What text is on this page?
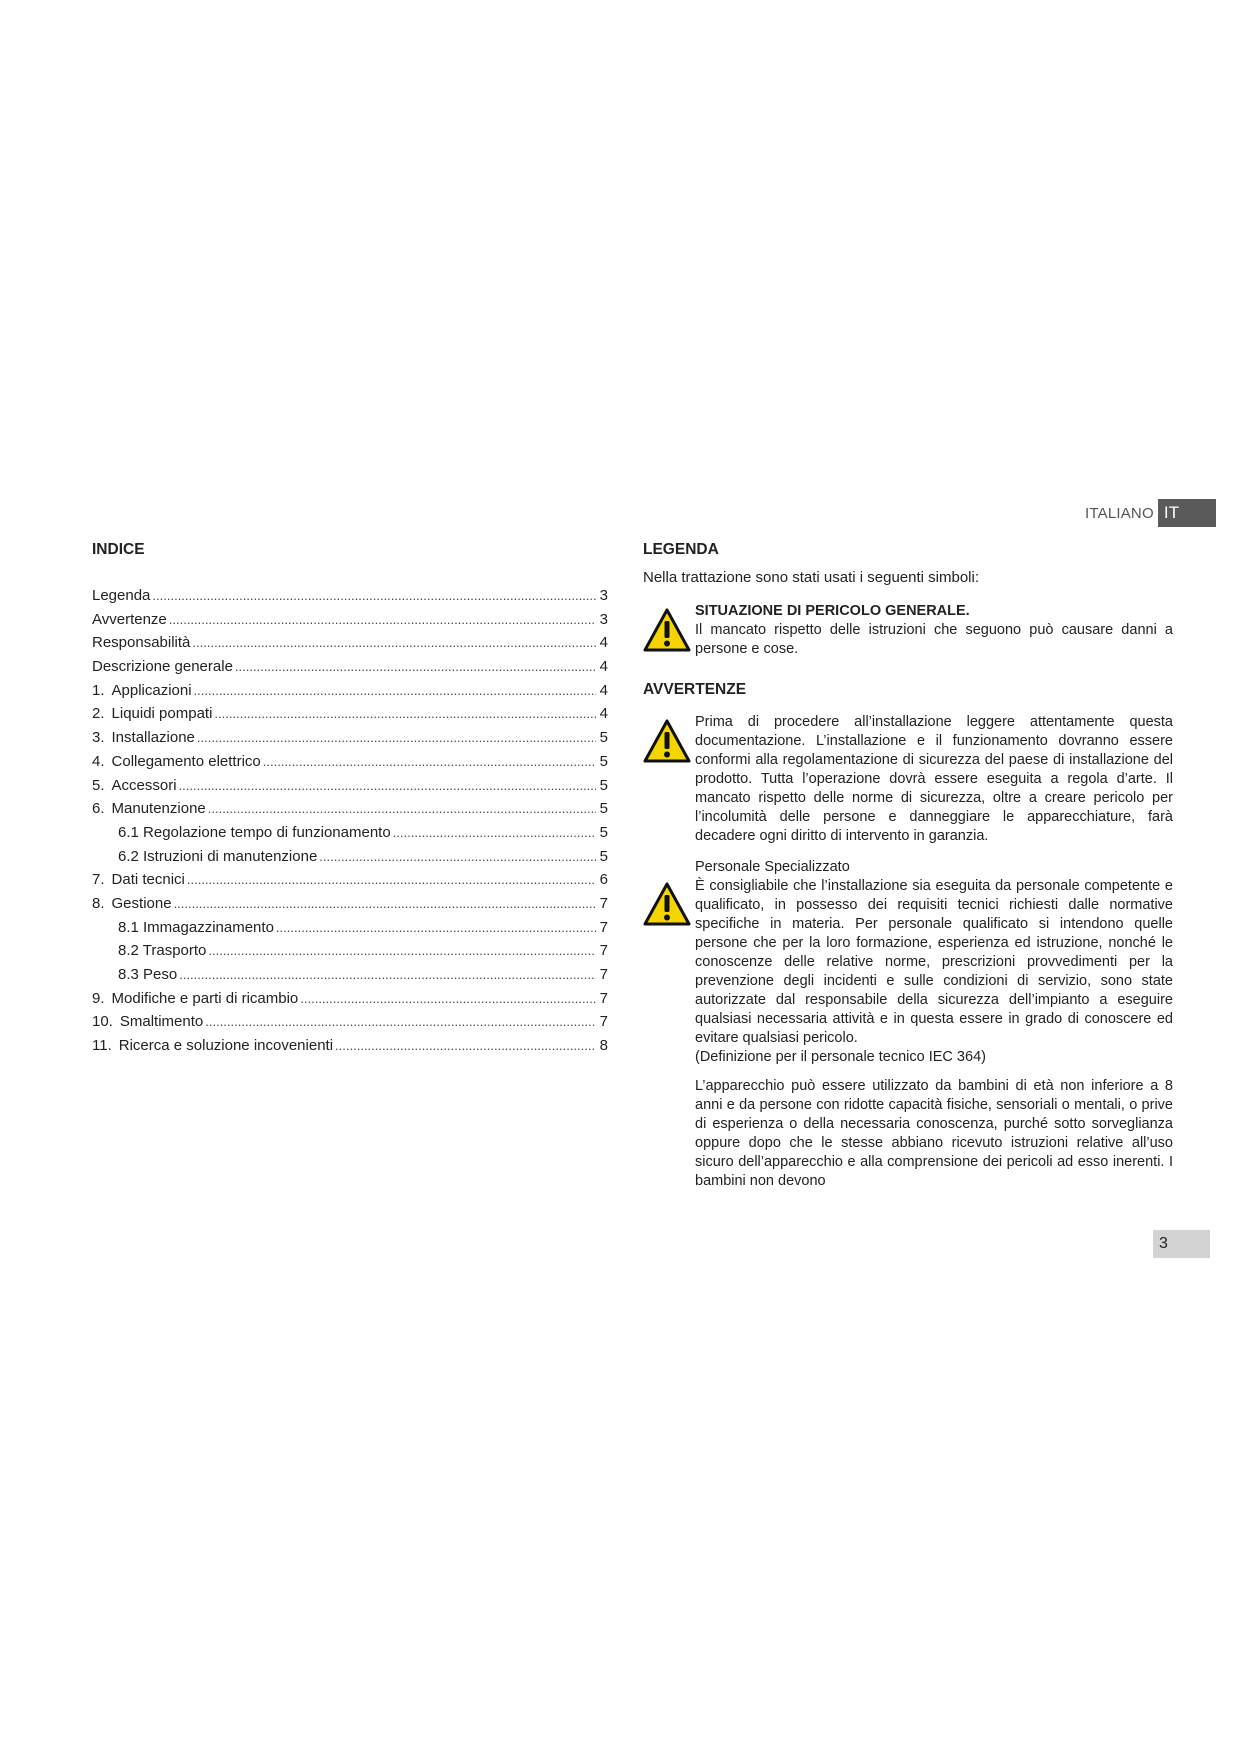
ITALIANO IT
INDICE
Legenda .....	3
Avvertenze .....	3
Responsabilità .....	4
Descrizione generale .....	4
1. Applicazioni .....	4
2. Liquidi pompati .....	4
3. Installazione .....	5
4. Collegamento elettrico .....	5
5. Accessori .....	5
6. Manutenzione .....	5
6.1 Regolazione tempo di funzionamento .....	5
6.2 Istruzioni di manutenzione .....	5
7. Dati tecnici .....	6
8. Gestione .....	7
8.1 Immagazzinamento .....	7
8.2 Trasporto .....	7
8.3 Peso .....	7
9. Modifiche e parti di ricambio .....	7
10. Smaltimento .....	7
11. Ricerca e soluzione incovenienti .....	8
LEGENDA

Nella trattazione sono stati usati i seguenti simboli:

SITUAZIONE DI PERICOLO GENERALE.

Il mancato rispetto delle istruzioni che seguono può causare danni a persone e cose.

AVVERTENZE

Prima di procedere all’installazione leggere attentamente questa documentazione. L’installazione e il funzionamento dovranno essere conformi alla regolamentazione di sicurezza del paese di installazione del prodotto. Tutta l’operazione dovrà essere eseguita a regola d’arte. Il mancato rispetto delle norme di sicurezza, oltre a creare pericolo per l’incolumità delle persone e danneggiare le apparecchiature, farà decadere ogni diritto di intervento in garanzia.

Personale Specializzato

È consigliabile che l’installazione sia eseguita da personale competente e qualificato, in possesso dei requisiti tecnici richiesti dalle normative specifiche in materia. Per personale qualificato si intendono quelle persone che per la loro formazione, esperienza ed istruzione, nonché le conoscenze delle relative norme, prescrizioni provvedimenti per la prevenzione degli incidenti e sulle condizioni di servizio, sono state autorizzate dal responsabile della sicurezza dell’impianto a eseguire qualsiasi necessaria attività e in questa essere in grado di conoscere ed evitare qualsiasi pericolo.

(Definizione per il personale tecnico IEC 364)

L’apparecchio può essere utilizzato da bambini di età non inferiore a 8 anni e da persone con ridotte capacità fisiche, sensoriali o mentali, o prive di esperienza o della necessaria conoscenza, purché sotto sorveglianza oppure dopo che le stesse abbiano ricevuto istruzioni relative all’uso sicuro dell’apparecchio e alla comprensione dei pericoli ad esso inerenti. I bambini non devono

3
